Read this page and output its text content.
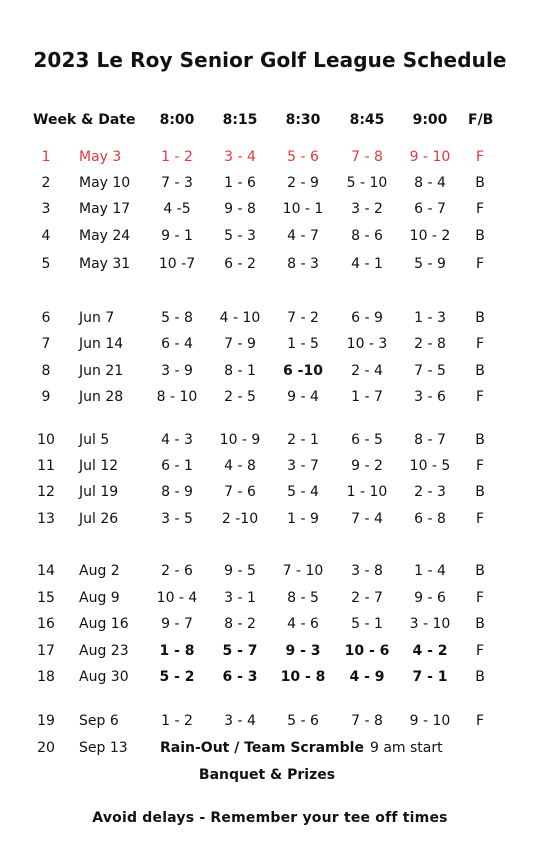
2023 Le Roy Senior Golf League Schedule
Week & Date	8:00	8:15	8:30	8:45	9:00	F/B
1	May 3	1 - 2	3 - 4	5 - 6	7 - 8	9 - 10	F
2	May 10	7 - 3	1 - 6	2 - 9	5 - 10	8 - 4	B
3	May 17	4 -5	9 - 8	10 - 1	3 - 2	6 - 7	F
4	May 24	9 - 1	5 - 3	4 - 7	8 - 6	10 - 2	B
5	May 31	10 -7	6 - 2	8 - 3	4 - 1	5 - 9	F
6	Jun 7	5 - 8	4 - 10	7 - 2	6 - 9	1 - 3	B
7	Jun 14	6 - 4	7 - 9	1 - 5	10 - 3	2 - 8	F
8	Jun 21	3 - 9	8 - 1	6 -10	2 - 4	7 - 5	B
9	Jun 28	8 - 10	2 - 5	9 - 4	1 - 7	3 - 6	F
10 Jul 5	4 - 3	10 - 9	2 - 1	6 - 5	8 - 7	B
11 Jul 12	6 - 1	4 - 8	3 - 7	9 - 2	10 - 5	F
12 Jul 19	8 - 9	7 - 6	5 - 4	1 - 10	2 - 3	B
13 Jul 26	3 - 5	2 -10	1 - 9	7 - 4	6 - 8	F
14 Aug 2	2 - 6	9 - 5	7 - 10	3 - 8	1 - 4	B
15 Aug 9	10 - 4	3 - 1	8 - 5	2 - 7	9 - 6	F
16 Aug 16	9 - 7	8 - 2	4 - 6	5 - 1	3 - 10	B
17 Aug 23	1 - 8	5 - 7	9 - 3	10 - 6	4 - 2	F
18 Aug 30	5 - 2	6 - 3	10 - 8	4 - 9	7 - 1	B
19 Sep 6	1 - 2	3 - 4	5 - 6	7 - 8	9 - 10	F
20 Sep 13 Rain-Out / Team Scramble 9 am start
Banquet & Prizes
Avoid delays - Remember your tee off times
